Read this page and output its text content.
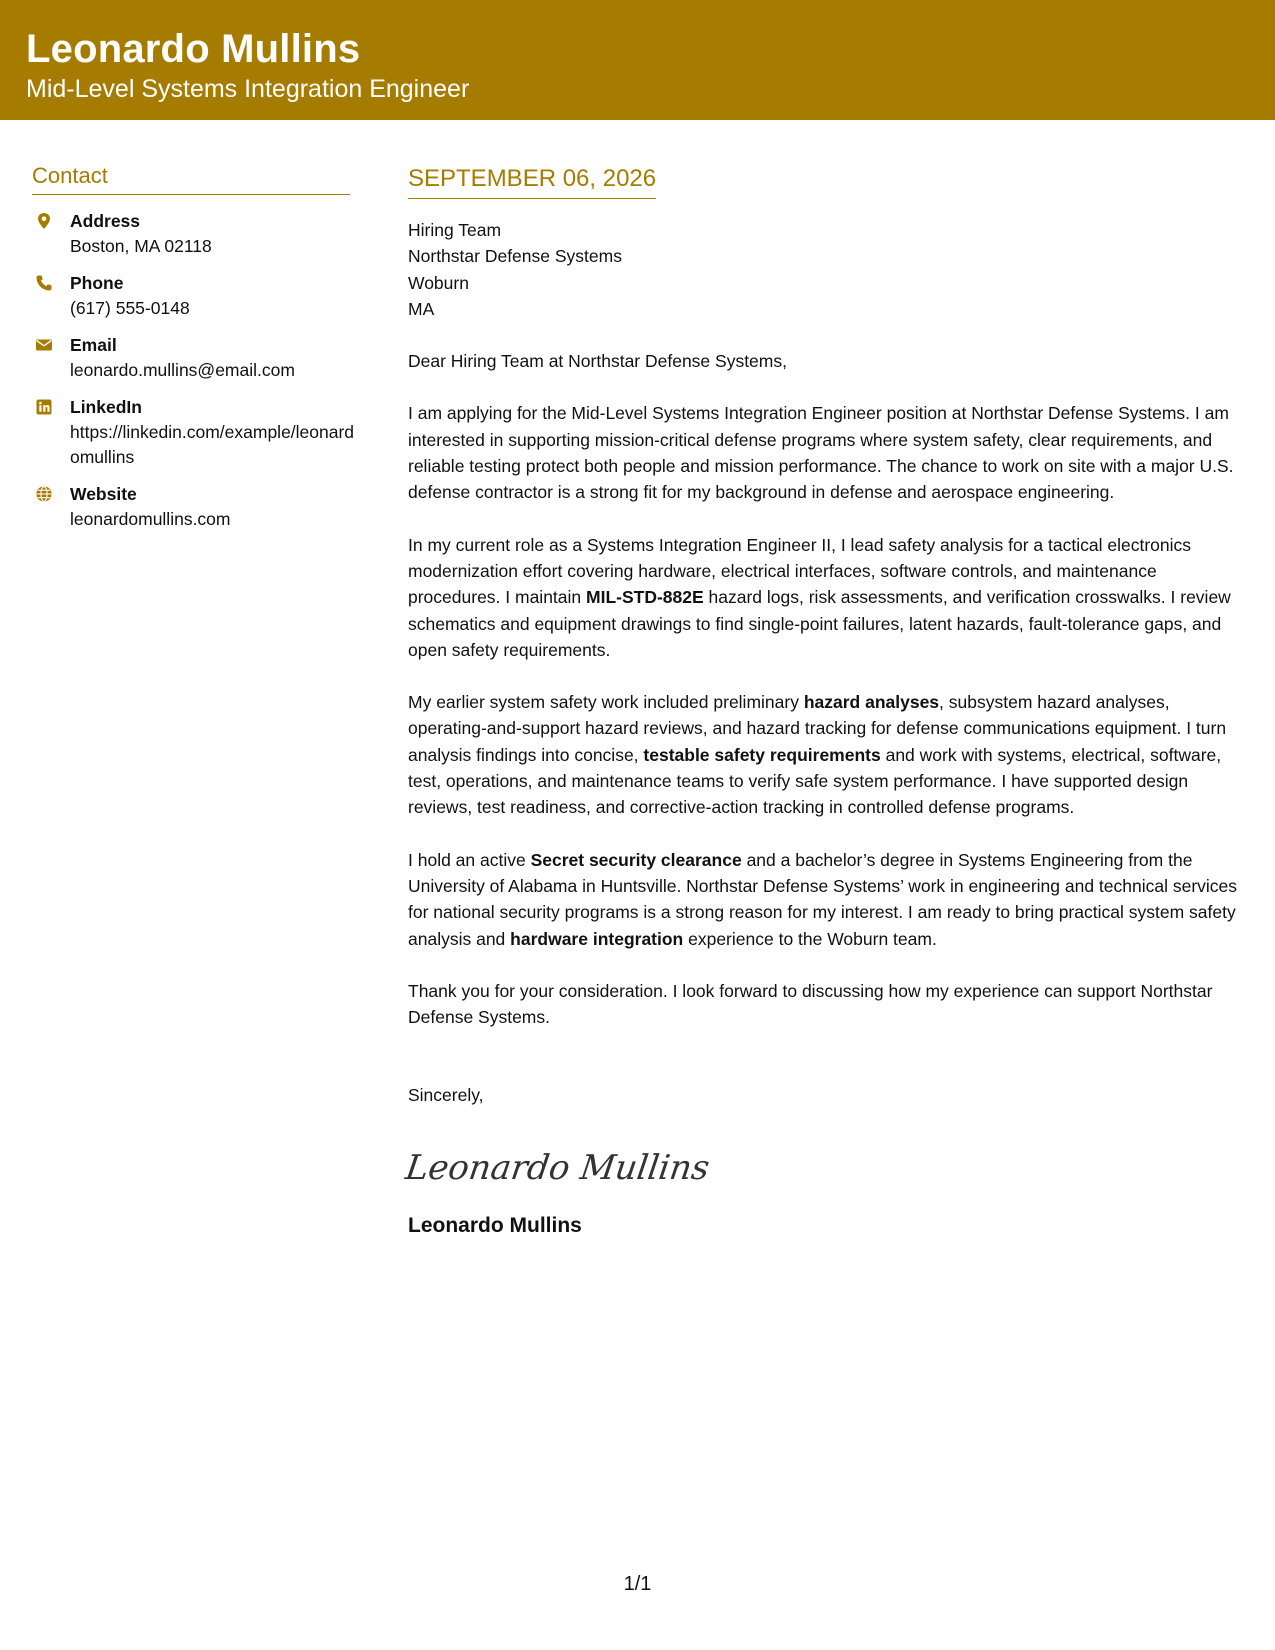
Leonardo Mullins
Mid-Level Systems Integration Engineer
Contact
Address
Boston, MA 02118
Phone
(617) 555-0148
Email
leonardo.mullins@email.com
LinkedIn
https://linkedin.com/example/leonardomullins
Website
leonardomullins.com
SEPTEMBER 06, 2026
Hiring Team
Northstar Defense Systems
Woburn
MA
Dear Hiring Team at Northstar Defense Systems,
I am applying for the Mid-Level Systems Integration Engineer position at Northstar Defense Systems. I am interested in supporting mission-critical defense programs where system safety, clear requirements, and reliable testing protect both people and mission performance. The chance to work on site with a major U.S. defense contractor is a strong fit for my background in defense and aerospace engineering.
In my current role as a Systems Integration Engineer II, I lead safety analysis for a tactical electronics modernization effort covering hardware, electrical interfaces, software controls, and maintenance procedures. I maintain MIL-STD-882E hazard logs, risk assessments, and verification crosswalks. I review schematics and equipment drawings to find single-point failures, latent hazards, fault-tolerance gaps, and open safety requirements.
My earlier system safety work included preliminary hazard analyses, subsystem hazard analyses, operating-and-support hazard reviews, and hazard tracking for defense communications equipment. I turn analysis findings into concise, testable safety requirements and work with systems, electrical, software, test, operations, and maintenance teams to verify safe system performance. I have supported design reviews, test readiness, and corrective-action tracking in controlled defense programs.
I hold an active Secret security clearance and a bachelor’s degree in Systems Engineering from the University of Alabama in Huntsville. Northstar Defense Systems’ work in engineering and technical services for national security programs is a strong reason for my interest. I am ready to bring practical system safety analysis and hardware integration experience to the Woburn team.
Thank you for your consideration. I look forward to discussing how my experience can support Northstar Defense Systems.
Sincerely,
Leonardo Mullins
Leonardo Mullins
1/1
